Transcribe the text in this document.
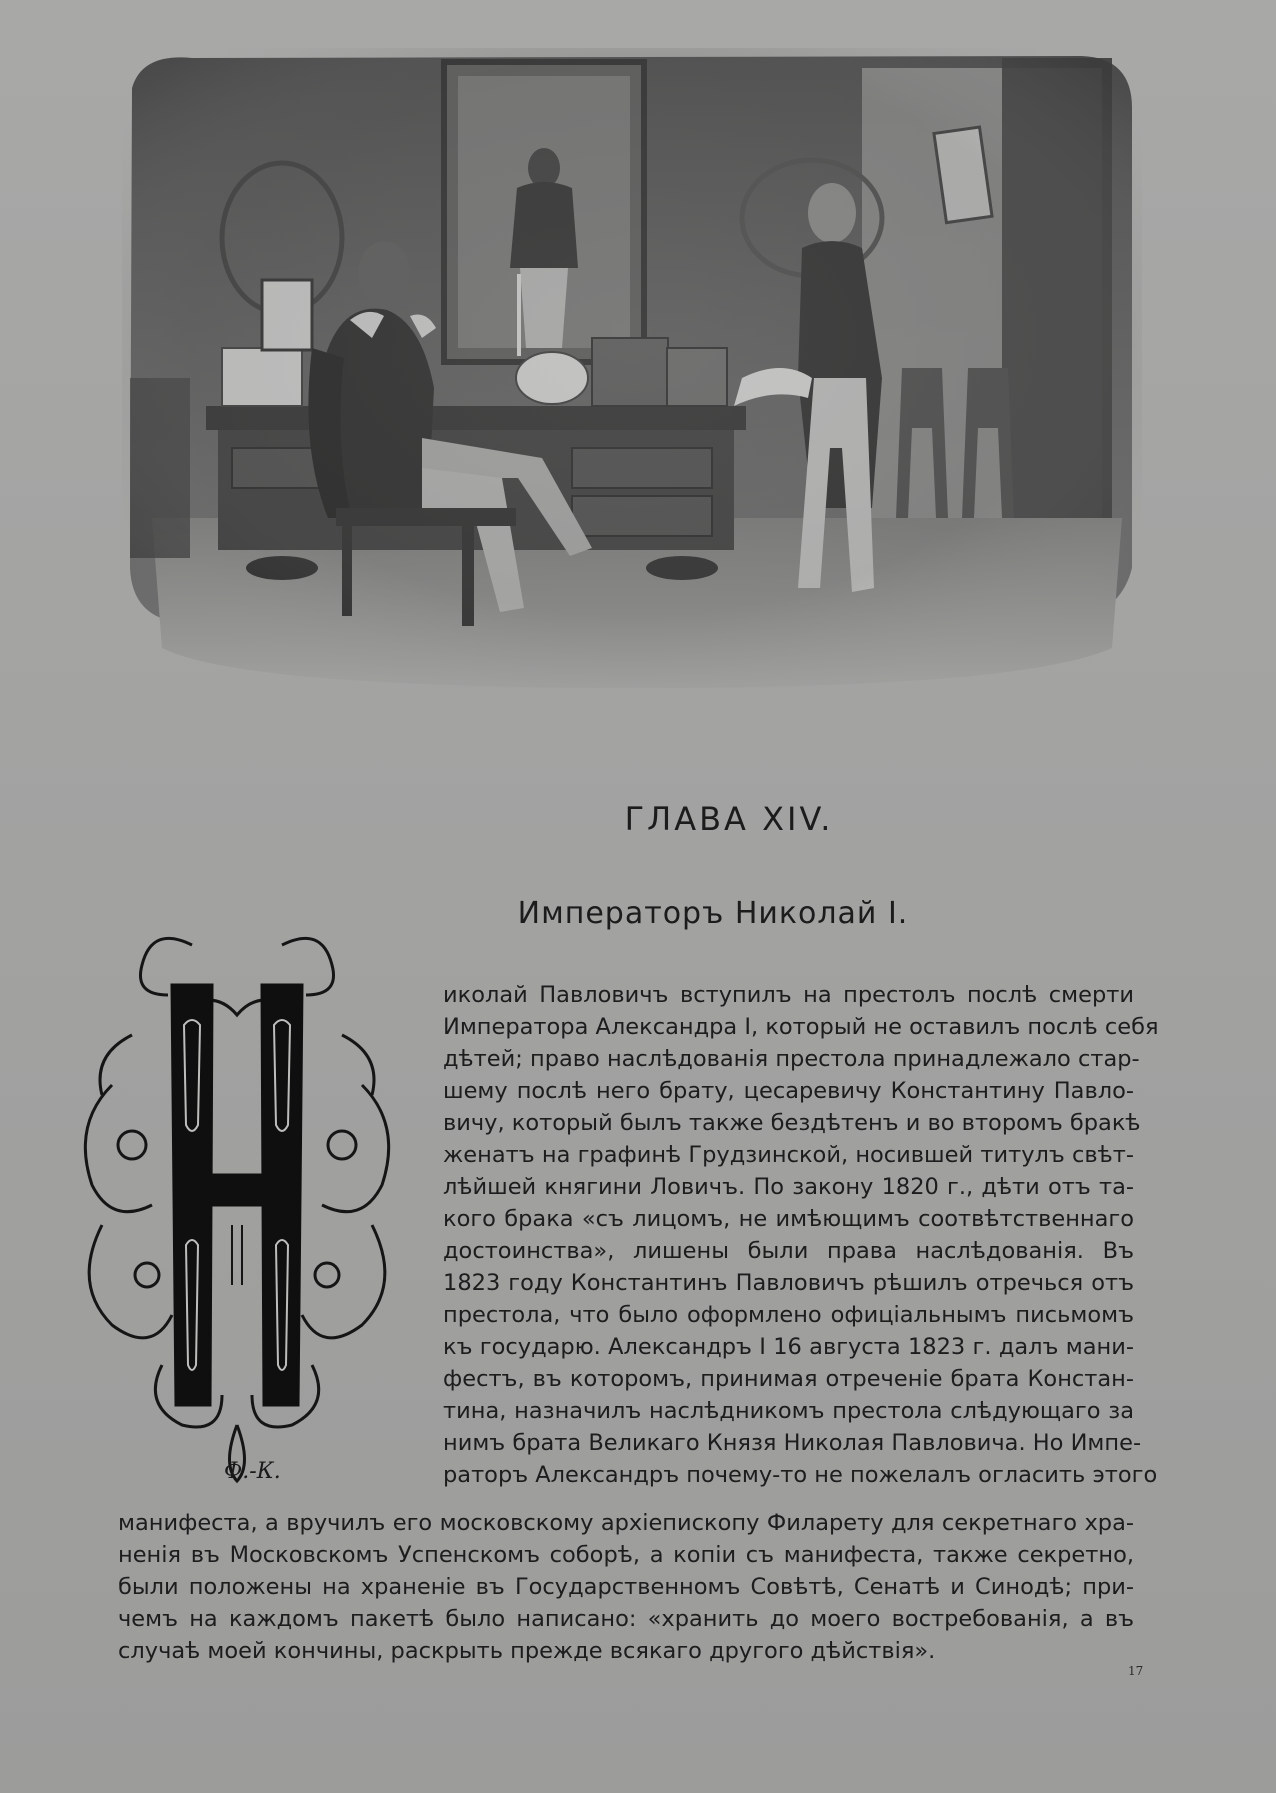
ГЛАВА XIV.
Императоръ Николай I.
Ф.-К.
иколай Павловичъ вступилъ на престолъ послѣ смерти
Императора Александра I, который не оставилъ послѣ себя
дѣтей; право наслѣдованія престола принадлежало стар-
шему послѣ него брату, цесаревичу Константину Павло-
вичу, который былъ также бездѣтенъ и во второмъ бракѣ
женатъ на графинѣ Грудзинской, носившей титулъ свѣт-
лѣйшей княгини Ловичъ. По закону 1820 г., дѣти отъ та-
кого брака «съ лицомъ, не имѣющимъ соотвѣтственнаго
достоинства», лишены были права наслѣдованія. Въ
1823 году Константинъ Павловичъ рѣшилъ отречься отъ
престола, что было оформлено офиціальнымъ письмомъ
къ государю. Александръ I 16 августа 1823 г. далъ мани-
фестъ, въ которомъ, принимая отреченіе брата Констан-
тина, назначилъ наслѣдникомъ престола слѣдующаго за
нимъ брата Великаго Князя Николая Павловича. Но Импе-
раторъ Александръ почему-то не пожелалъ огласить этого
манифеста, а вручилъ его московскому архіепископу Филарету для секретнаго хра-
ненія въ Московскомъ Успенскомъ соборѣ, а копіи съ манифеста, также секретно,
были положены на храненіе въ Государственномъ Совѣтѣ, Сенатѣ и Синодѣ; при-
чемъ на каждомъ пакетѣ было написано: «хранить до моего востребованія, а въ
случаѣ моей кончины, раскрыть прежде всякаго другого дѣйствія».
17
